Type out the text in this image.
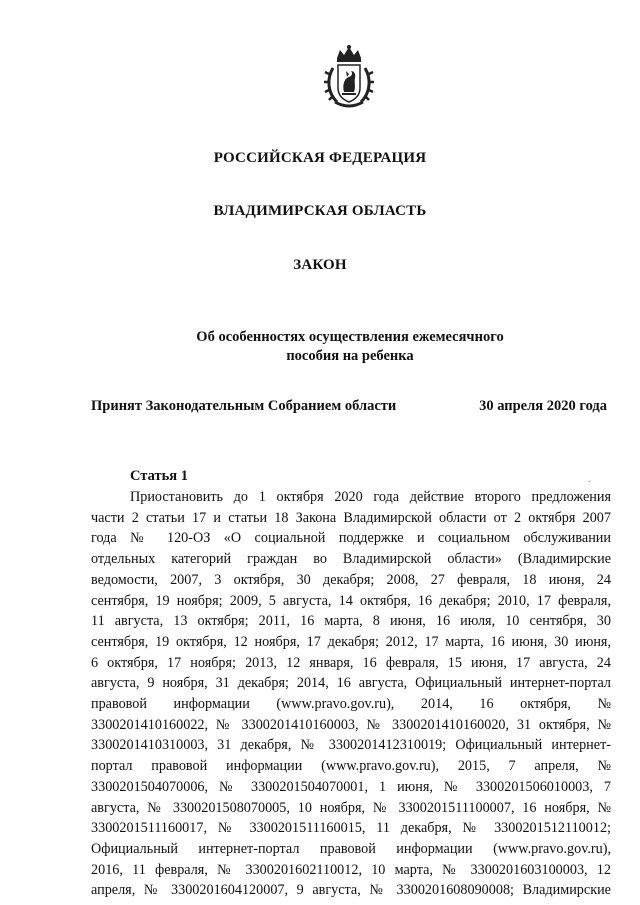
РОССИЙСКАЯ ФЕДЕРАЦИЯ
ВЛАДИМИРСКАЯ ОБЛАСТЬ
ЗАКОН
Об особенностях осуществления ежемесячного
пособия на ребенка
Принят Законодательным Собранием области	30 апреля 2020 года
.
Статья 1
Приостановить до 1 октября 2020 года действие второго предложения
части 2 статьи 17 и статьи 18 Закона Владимирской области от 2 октября 2007
года № 120-ОЗ «О социальной поддержке и социальном обслуживании
отдельных категорий граждан во Владимирской области» (Владимирские
ведомости, 2007, 3 октября, 30 декабря; 2008, 27 февраля, 18 июня, 24
сентября, 19 ноября; 2009, 5 августа, 14 октября, 16 декабря; 2010, 17 февраля,
11 августа, 13 октября; 2011, 16 марта, 8 июня, 16 июля, 10 сентября, 30
сентября, 19 октября, 12 ноября, 17 декабря; 2012, 17 марта, 16 июня, 30 июня,
6 октября, 17 ноября; 2013, 12 января, 16 февраля, 15 июня, 17 августа, 24
августа, 9 ноября, 31 декабря; 2014, 16 августа, Официальный интернет-портал
правовой информации (www.pravo.gov.ru), 2014, 16 октября, №
3300201410160022, № 3300201410160003, № 3300201410160020, 31 октября, №
3300201410310003, 31 декабря, № 3300201412310019; Официальный интернет-
портал правовой информации (www.pravo.gov.ru), 2015, 7 апреля, №
3300201504070006, № 3300201504070001, 1 июня, № 3300201506010003, 7
августа, № 3300201508070005, 10 ноября, № 3300201511100007, 16 ноября, №
3300201511160017, № 3300201511160015, 11 декабря, № 3300201512110012;
Официальный интернет-портал правовой информации (www.pravo.gov.ru),
2016, 11 февраля, № 3300201602110012, 10 марта, № 3300201603100003, 12
апреля, № 3300201604120007, 9 августа, № 3300201608090008; Владимирские
